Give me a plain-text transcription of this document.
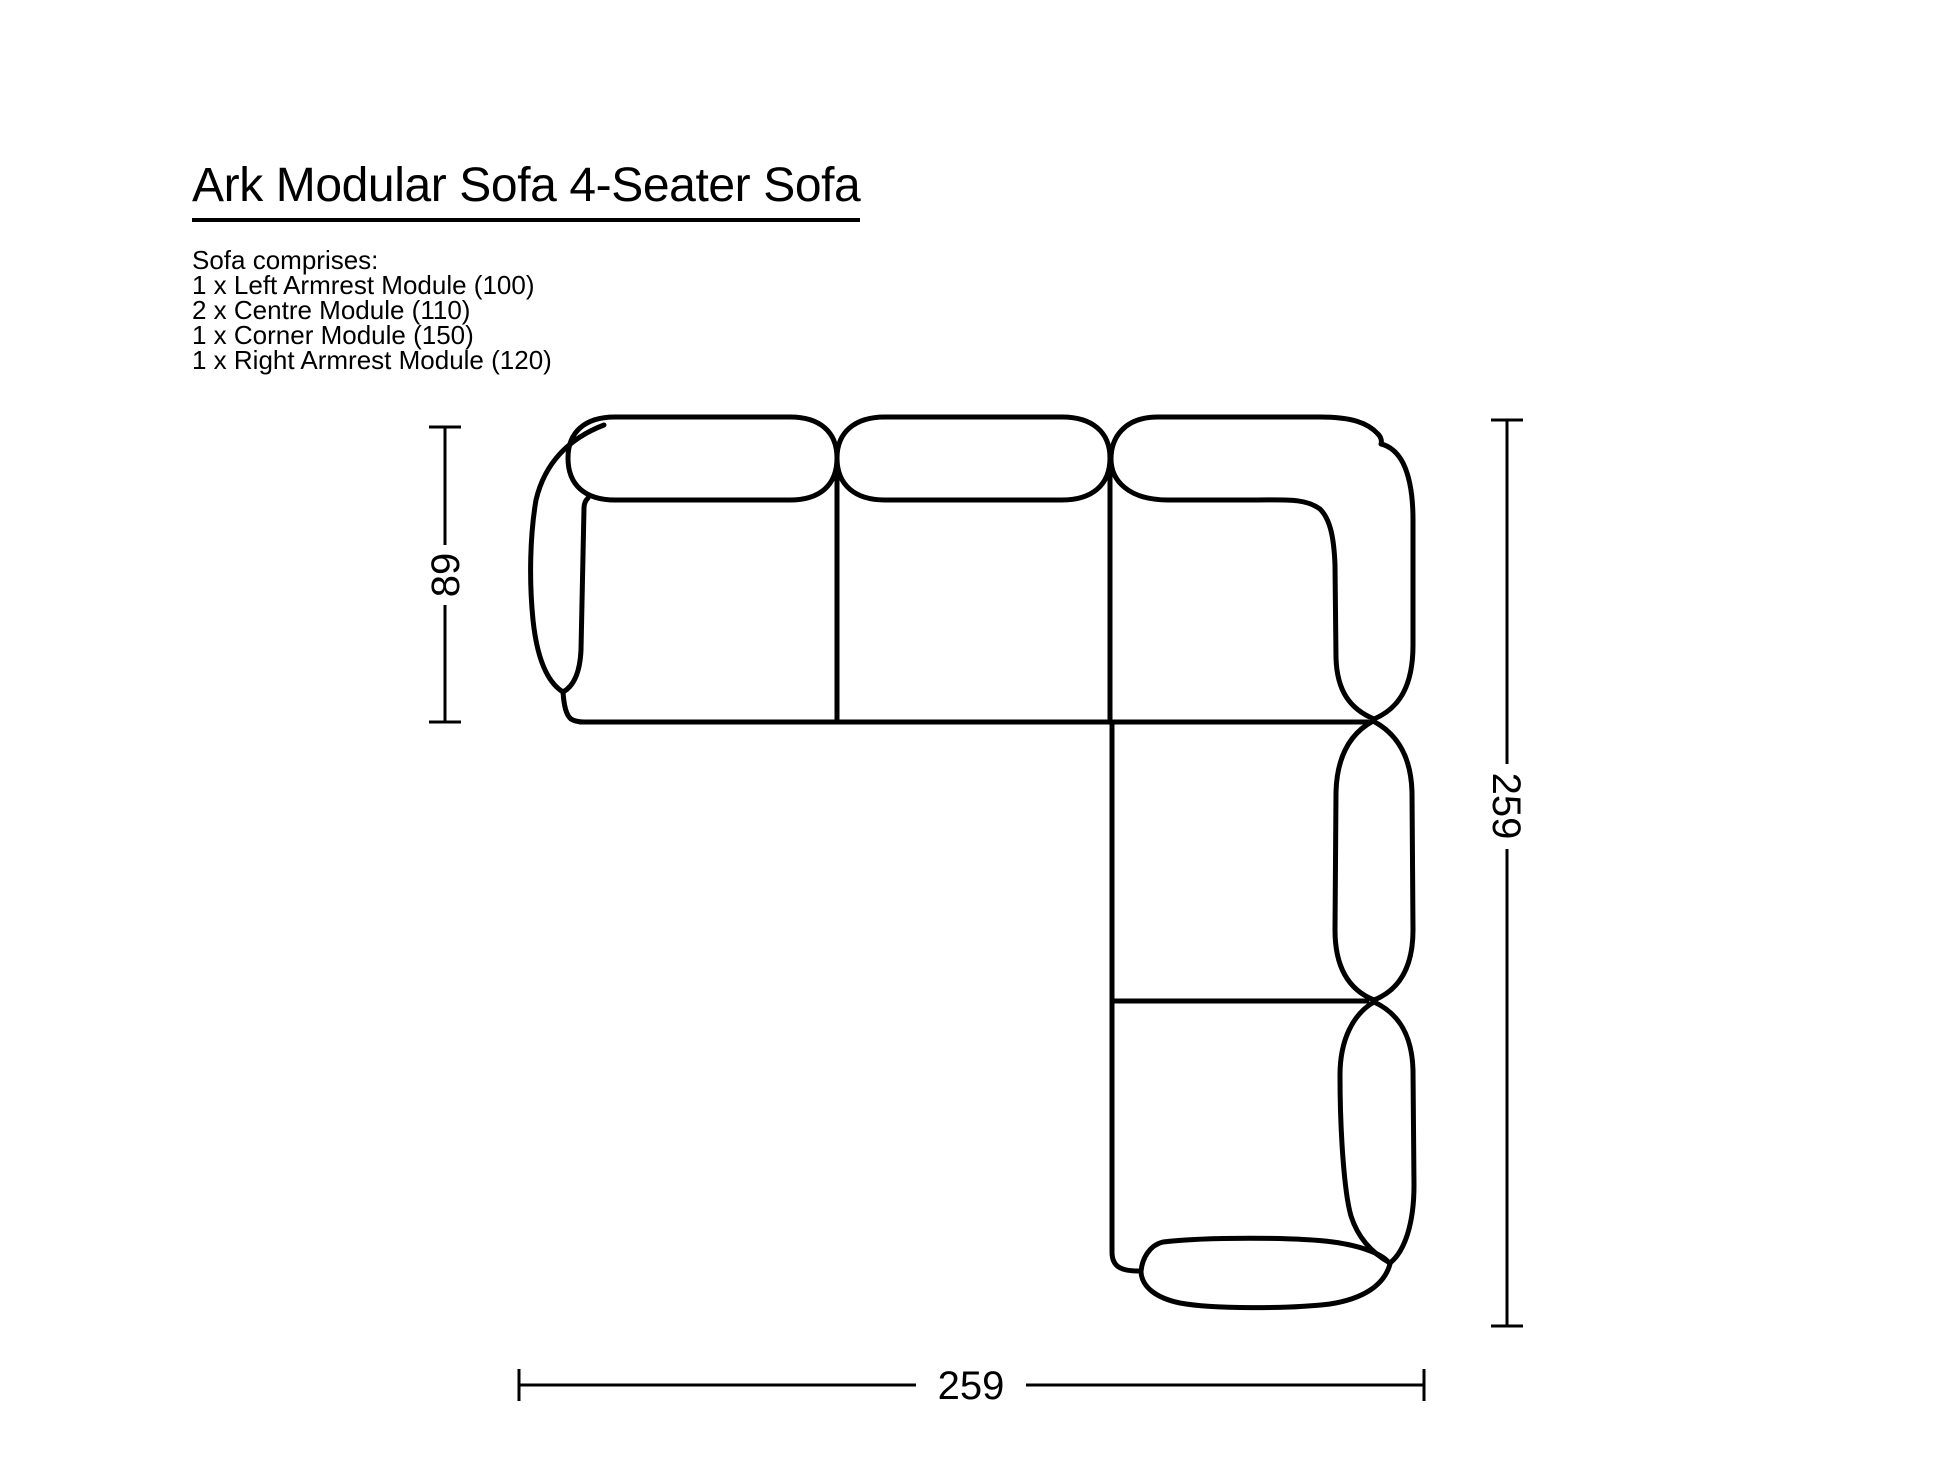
Ark Modular Sofa 4-Seater Sofa
Sofa comprises:
1 x Left Armrest Module (100)
2 x Centre Module (110)
1 x Corner Module (150)
1 x Right Armrest Module (120)
89
259
259
